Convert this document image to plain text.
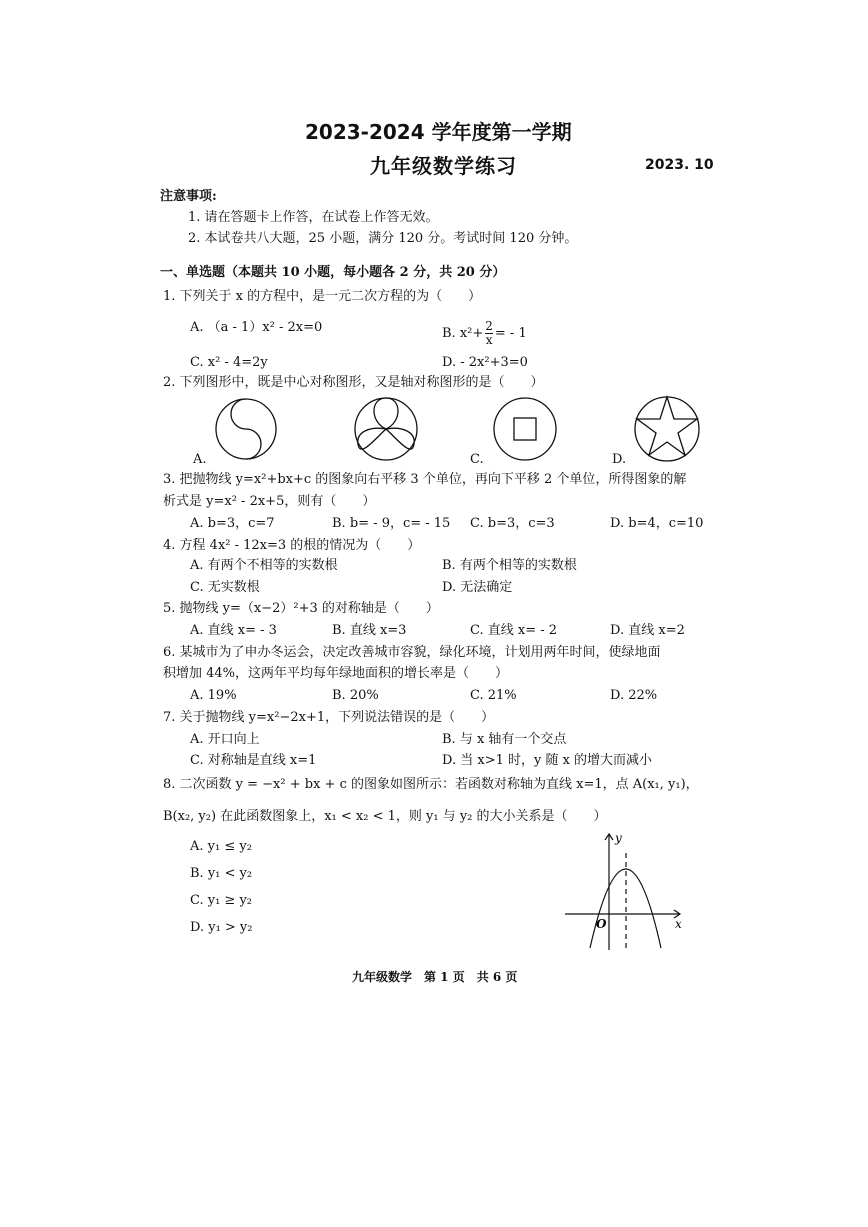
2023-2024 学年度第一学期
九年级数学练习	2023. 10
注意事项:
1. 请在答题卡上作答，在试卷上作答无效。
2. 本试卷共八大题，25 小题，满分 120 分。考试时间 120 分钟。
一、单选题（本题共 10 小题，每小题各 2 分，共 20 分）
1. 下列关于 x 的方程中，是一元二次方程的为（　　）
A. （a - 1）x² - 2x=0	B. $x^2+ \frac{2}{x}$ = - 1
C. x² - 4=2y	D. - 2x²+3=0
2. 下列图形中，既是中心对称图形，又是轴对称图形的是（　　）
A.	C.	D.
3. 把抛物线 y=x²+bx+c 的图象向右平移 3 个单位，再向下平移 2 个单位，所得图象的解
析式是 y=x² - 2x+5，则有（　　）
A. b=3，c=7	B. b= - 9，c= - 15 C. b=3，c=3	D. b=4，c=10
4. 方程 4x² - 12x=3 的根的情况为（　　）
A. 有两个不相等的实数根	B. 有两个相等的实数根
C. 无实数根	D. 无法确定
5. 抛物线 y=（x−2）²+3 的对称轴是（　　）
A. 直线 x= - 3	B. 直线 x=3	C. 直线 x= - 2	D. 直线 x=2
6. 某城市为了申办冬运会，决定改善城市容貌，绿化环境，计划用两年时间，使绿地面
积增加 44%，这两年平均每年绿地面积的增长率是（　　）
A. 19%	B. 20%	C. 21%	D. 22%
7. 关于抛物线 y=x²−2x+1，下列说法错误的是（　　）
A. 开口向上	B. 与 x 轴有一个交点
C. 对称轴是直线 x=1	D. 当 x>1 时，y 随 x 的增大而减小
8. 二次函数 y = −x² + bx + c 的图象如图所示：若函数对称轴为直线 x=1，点 A(x₁, y₁)，
B(x₂, y₂) 在此函数图象上，x₁ < x₂ < 1，则 y₁ 与 y₂ 的大小关系是（　　）
A. y₁ ≤ y₂
B. y₁ < y₂
C. y₁ ≥ y₂
D. y₁ > y₂
y
x
O
九年级数学　第 1 页　共 6 页
